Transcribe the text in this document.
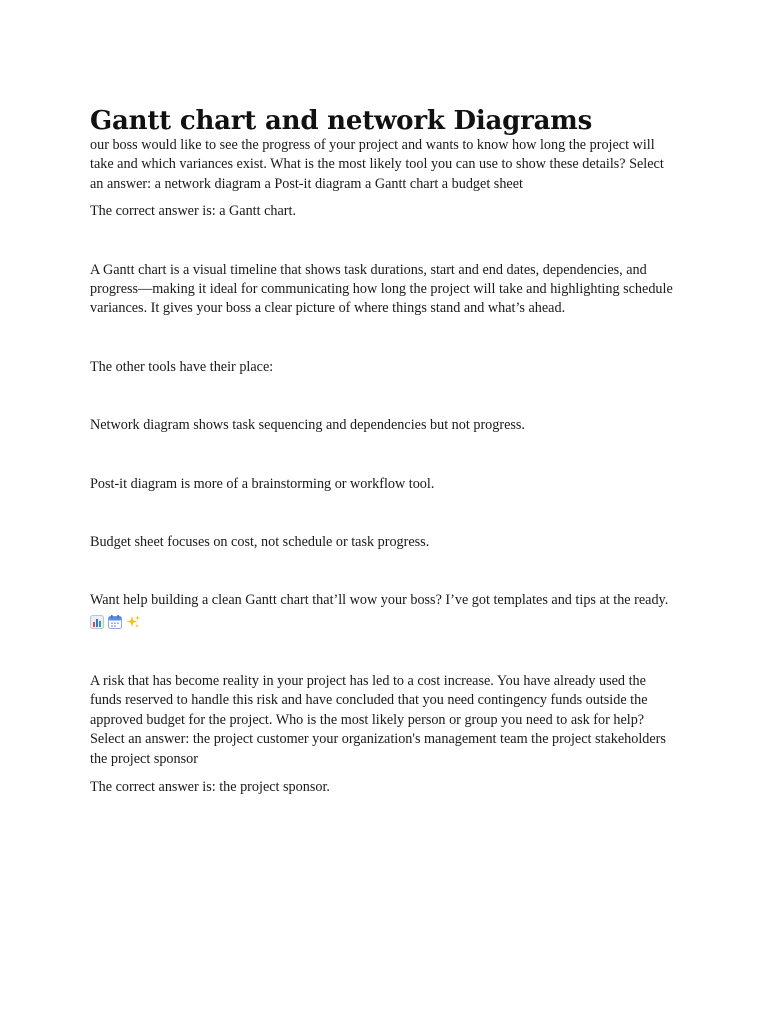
Gantt chart and network Diagrams

our boss would like to see the progress of your project and wants to know how long the project will take and which variances exist. What is the most likely tool you can use to show these details? Select an answer: a network diagram a Post-it diagram a Gantt chart a budget sheet

The correct answer is: a Gantt chart.

A Gantt chart is a visual timeline that shows task durations, start and end dates, dependencies, and progress—making it ideal for communicating how long the project will take and highlighting schedule variances. It gives your boss a clear picture of where things stand and what’s ahead.

The other tools have their place:

Network diagram shows task sequencing and dependencies but not progress.

Post-it diagram is more of a brainstorming or workflow tool.

Budget sheet focuses on cost, not schedule or task progress.

Want help building a clean Gantt chart that’ll wow your boss? I’ve got templates and tips at the ready.

A risk that has become reality in your project has led to a cost increase. You have already used the funds reserved to handle this risk and have concluded that you need contingency funds outside the approved budget for the project. Who is the most likely person or group you need to ask for help? Select an answer: the project customer your organization's management team the project stakeholders the project sponsor

The correct answer is: the project sponsor.
